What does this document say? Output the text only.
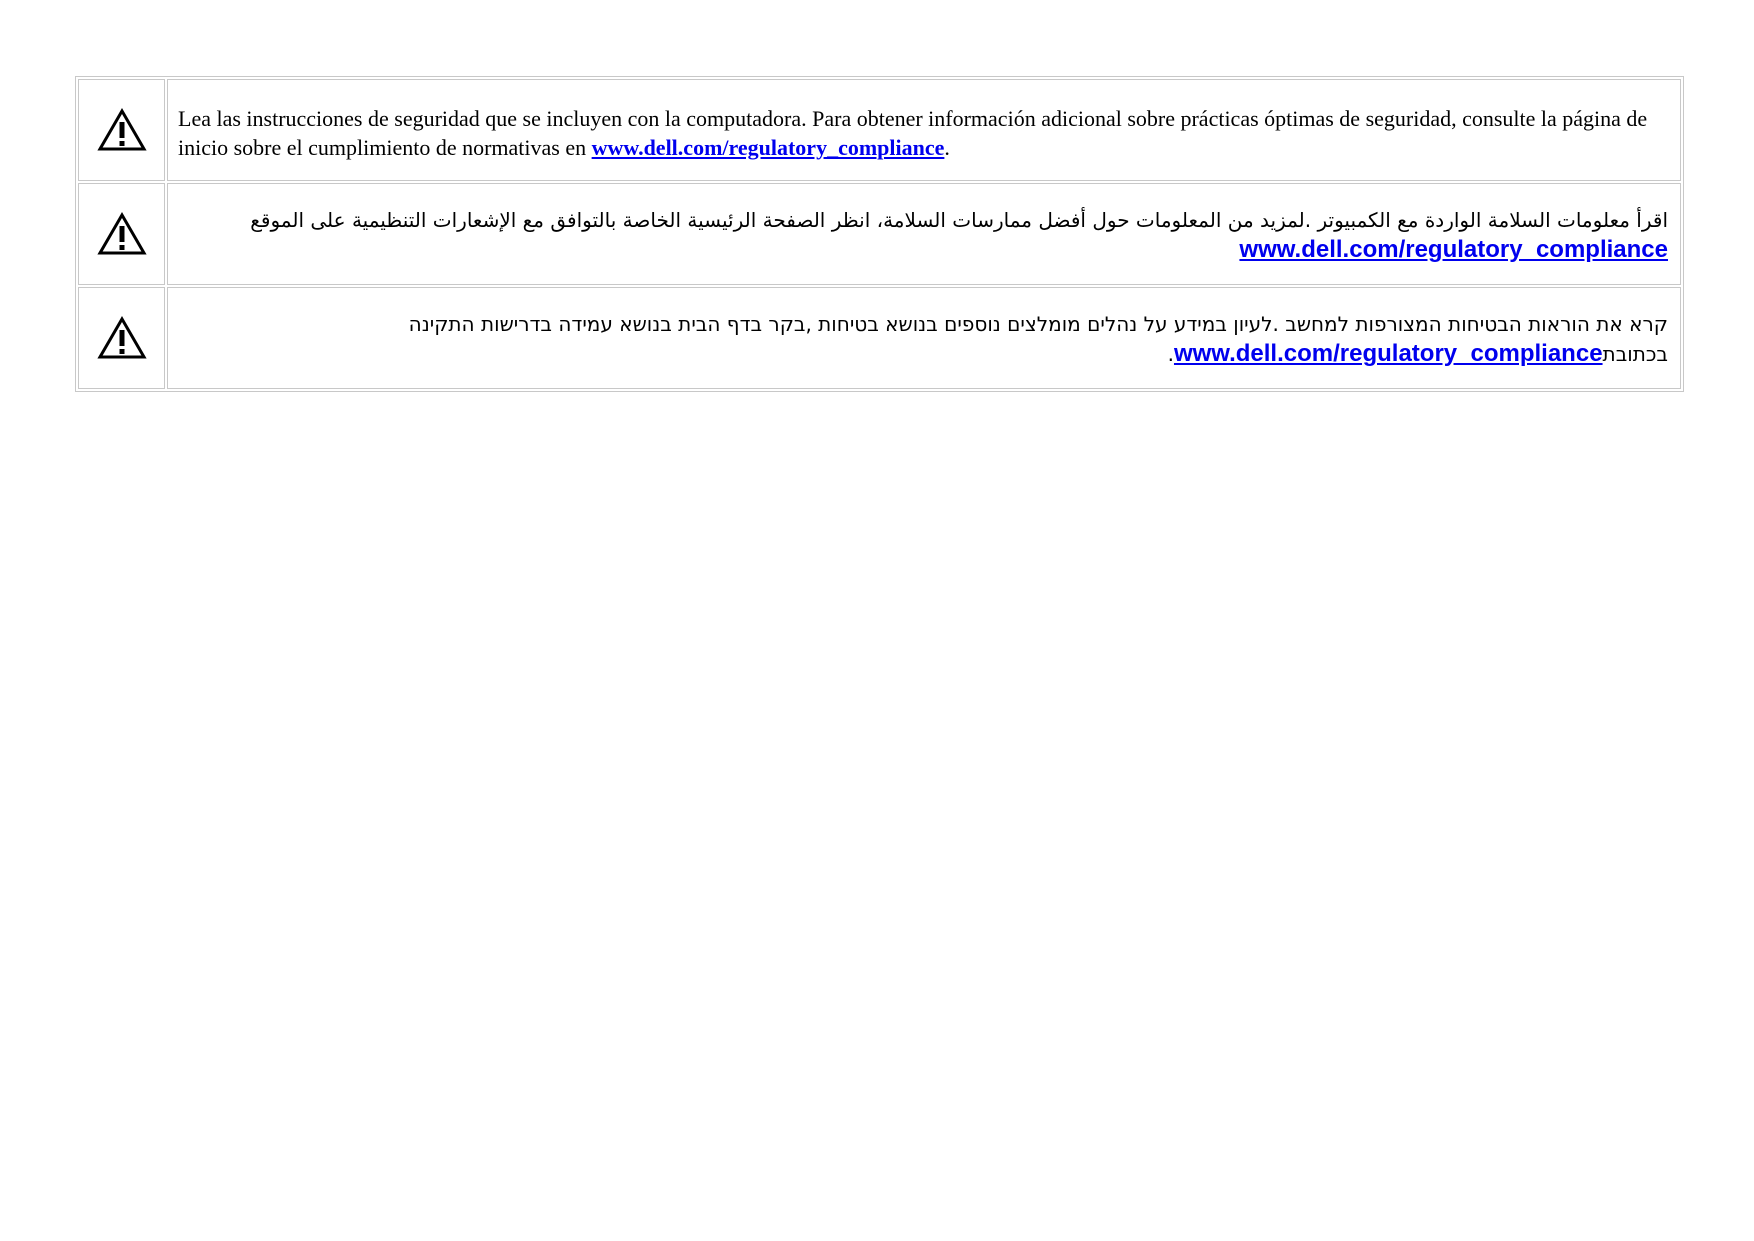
Lea las instrucciones de seguridad que se incluyen con la computadora. Para obtener información adicional sobre prácticas óptimas de seguridad, consulte la página de inicio sobre el cumplimiento de normativas en www.dell.com/regulatory_compliance.
اقرأ معلومات السلامة الواردة مع الكمبيوتر .لمزيد من المعلومات حول أفضل ممارسات السلامة، انظر الصفحة الرئيسية الخاصة بالتوافق مع الإشعارات التنظيمية على الموقع
www.dell.com/regulatory_compliance
קרא את הוראות הבטיחות המצורפות למחשב .לעיון במידע על נהלים מומלצים נוספים בנושא בטיחות ,בקר בדף הבית בנושא עמידה בדרישות התקינה בכתובתwww.dell.com/regulatory_compliance.
